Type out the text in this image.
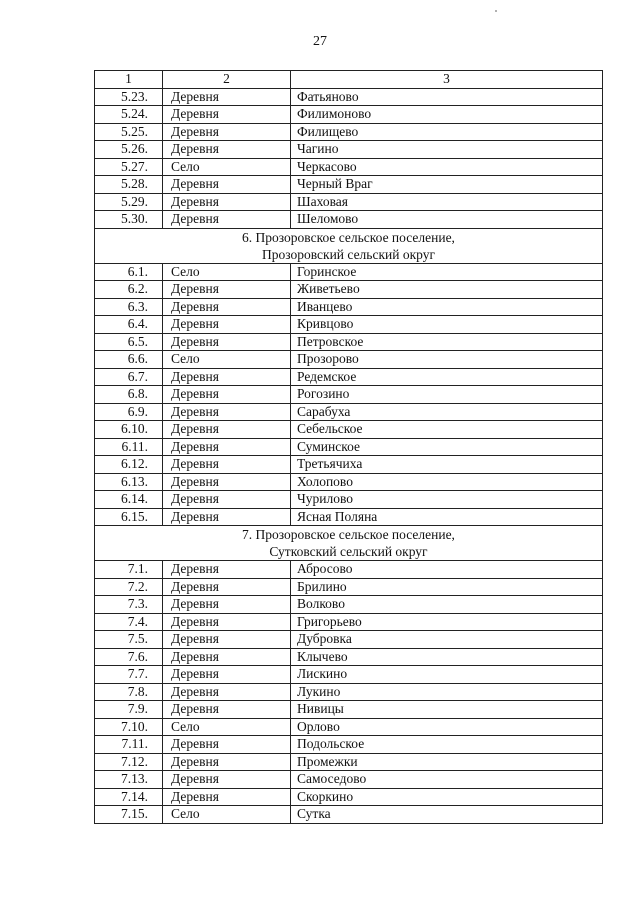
27
1	2	3
5.23.	Деревня	Фатьяново
5.24.	Деревня	Филимоново
5.25.	Деревня	Филищево
5.26.	Деревня	Чагино
5.27.	Село	Черкасово
5.28.	Деревня	Черный Враг
5.29.	Деревня	Шаховая
5.30.	Деревня	Шеломово

6. Прозоровское сельское поселение,
Прозоровский сельский округ		

6.1.	Село	Горинское
6.2.	Деревня	Живетьево
6.3.	Деревня	Иванцево
6.4.	Деревня	Кривцово
6.5.	Деревня	Петровское
6.6.	Село	Прозорово
6.7.	Деревня	Редемское
6.8.	Деревня	Рогозино
6.9.	Деревня	Сарабуха
6.10.	Деревня	Себельское
6.11.	Деревня	Суминское
6.12.	Деревня	Третьячиха
6.13.	Деревня	Холопово
6.14.	Деревня	Чурилово
6.15.	Деревня	Ясная Поляна

7. Прозоровское сельское поселение,
Сутковский сельский округ		

7.1.	Деревня	Абросово
7.2.	Деревня	Брилино
7.3.	Деревня	Волково
7.4.	Деревня	Григорьево
7.5.	Деревня	Дубровка
7.6.	Деревня	Клычево
7.7.	Деревня	Лискино
7.8.	Деревня	Лукино
7.9.	Деревня	Нивицы
7.10.	Село	Орлово
7.11.	Деревня	Подольское
7.12.	Деревня	Промежки
7.13.	Деревня	Самоседово
7.14.	Деревня	Скоркино
7.15.	Село	Сутка
